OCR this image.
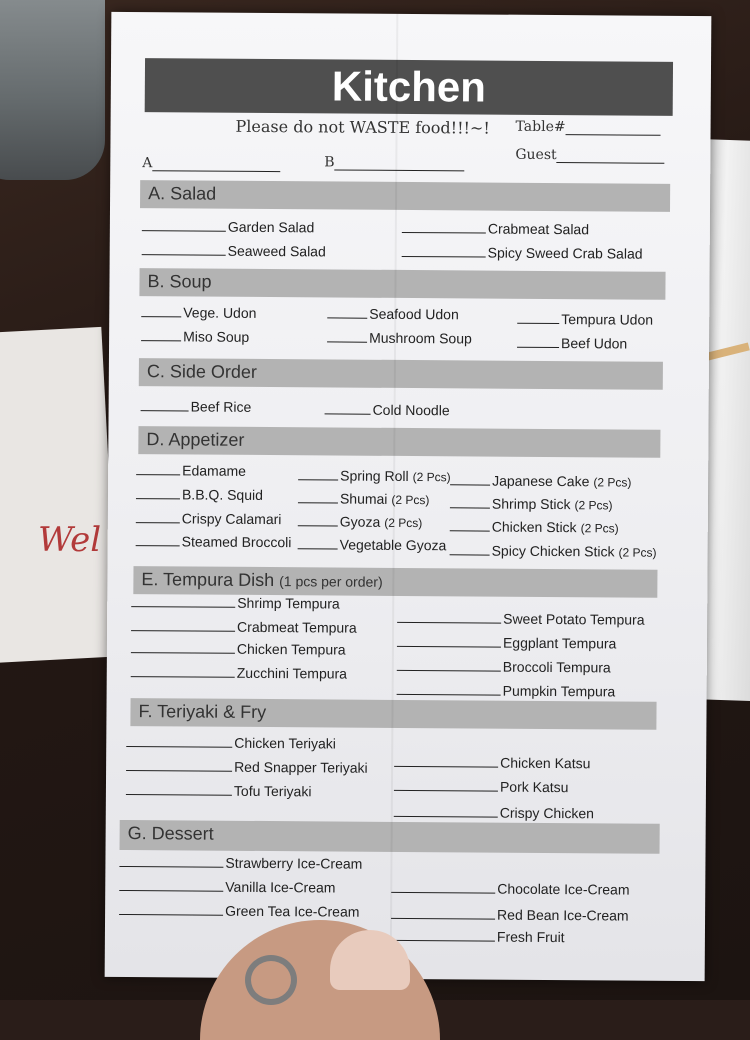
Wel
Kitchen
Please do not WASTE food!!!~! Table#
Guest
A	B
A. Salad
Garden Salad
Seaweed Salad
Crabmeat Salad
Spicy Sweed Crab Salad
B. Soup
Vege. Udon
Miso Soup
Seafood Udon
Mushroom Soup
Tempura Udon
Beef Udon
C. Side Order
Beef Rice	Cold Noodle
D. Appetizer
Edamame
B.B.Q. Squid
Crispy Calamari
Steamed Broccoli
Spring Roll (2 Pcs)
Shumai (2 Pcs)
Gyoza (2 Pcs)
Vegetable Gyoza
Japanese Cake (2 Pcs)
Shrimp Stick (2 Pcs)
Chicken Stick (2 Pcs)
Spicy Chicken Stick (2 Pcs)
E. Tempura Dish (1 pcs per order)
Shrimp Tempura
Crabmeat Tempura
Chicken Tempura
Zucchini Tempura
Sweet Potato Tempura
Eggplant Tempura
Broccoli Tempura
Pumpkin Tempura
F. Teriyaki & Fry
Chicken Teriyaki
Red Snapper Teriyaki
Tofu Teriyaki
Chicken Katsu
Pork Katsu
Crispy Chicken
G. Dessert
Strawberry Ice-Cream
Vanilla Ice-Cream
Green Tea Ice-Cream
Chocolate Ice-Cream
Red Bean Ice-Cream
Fresh Fruit
